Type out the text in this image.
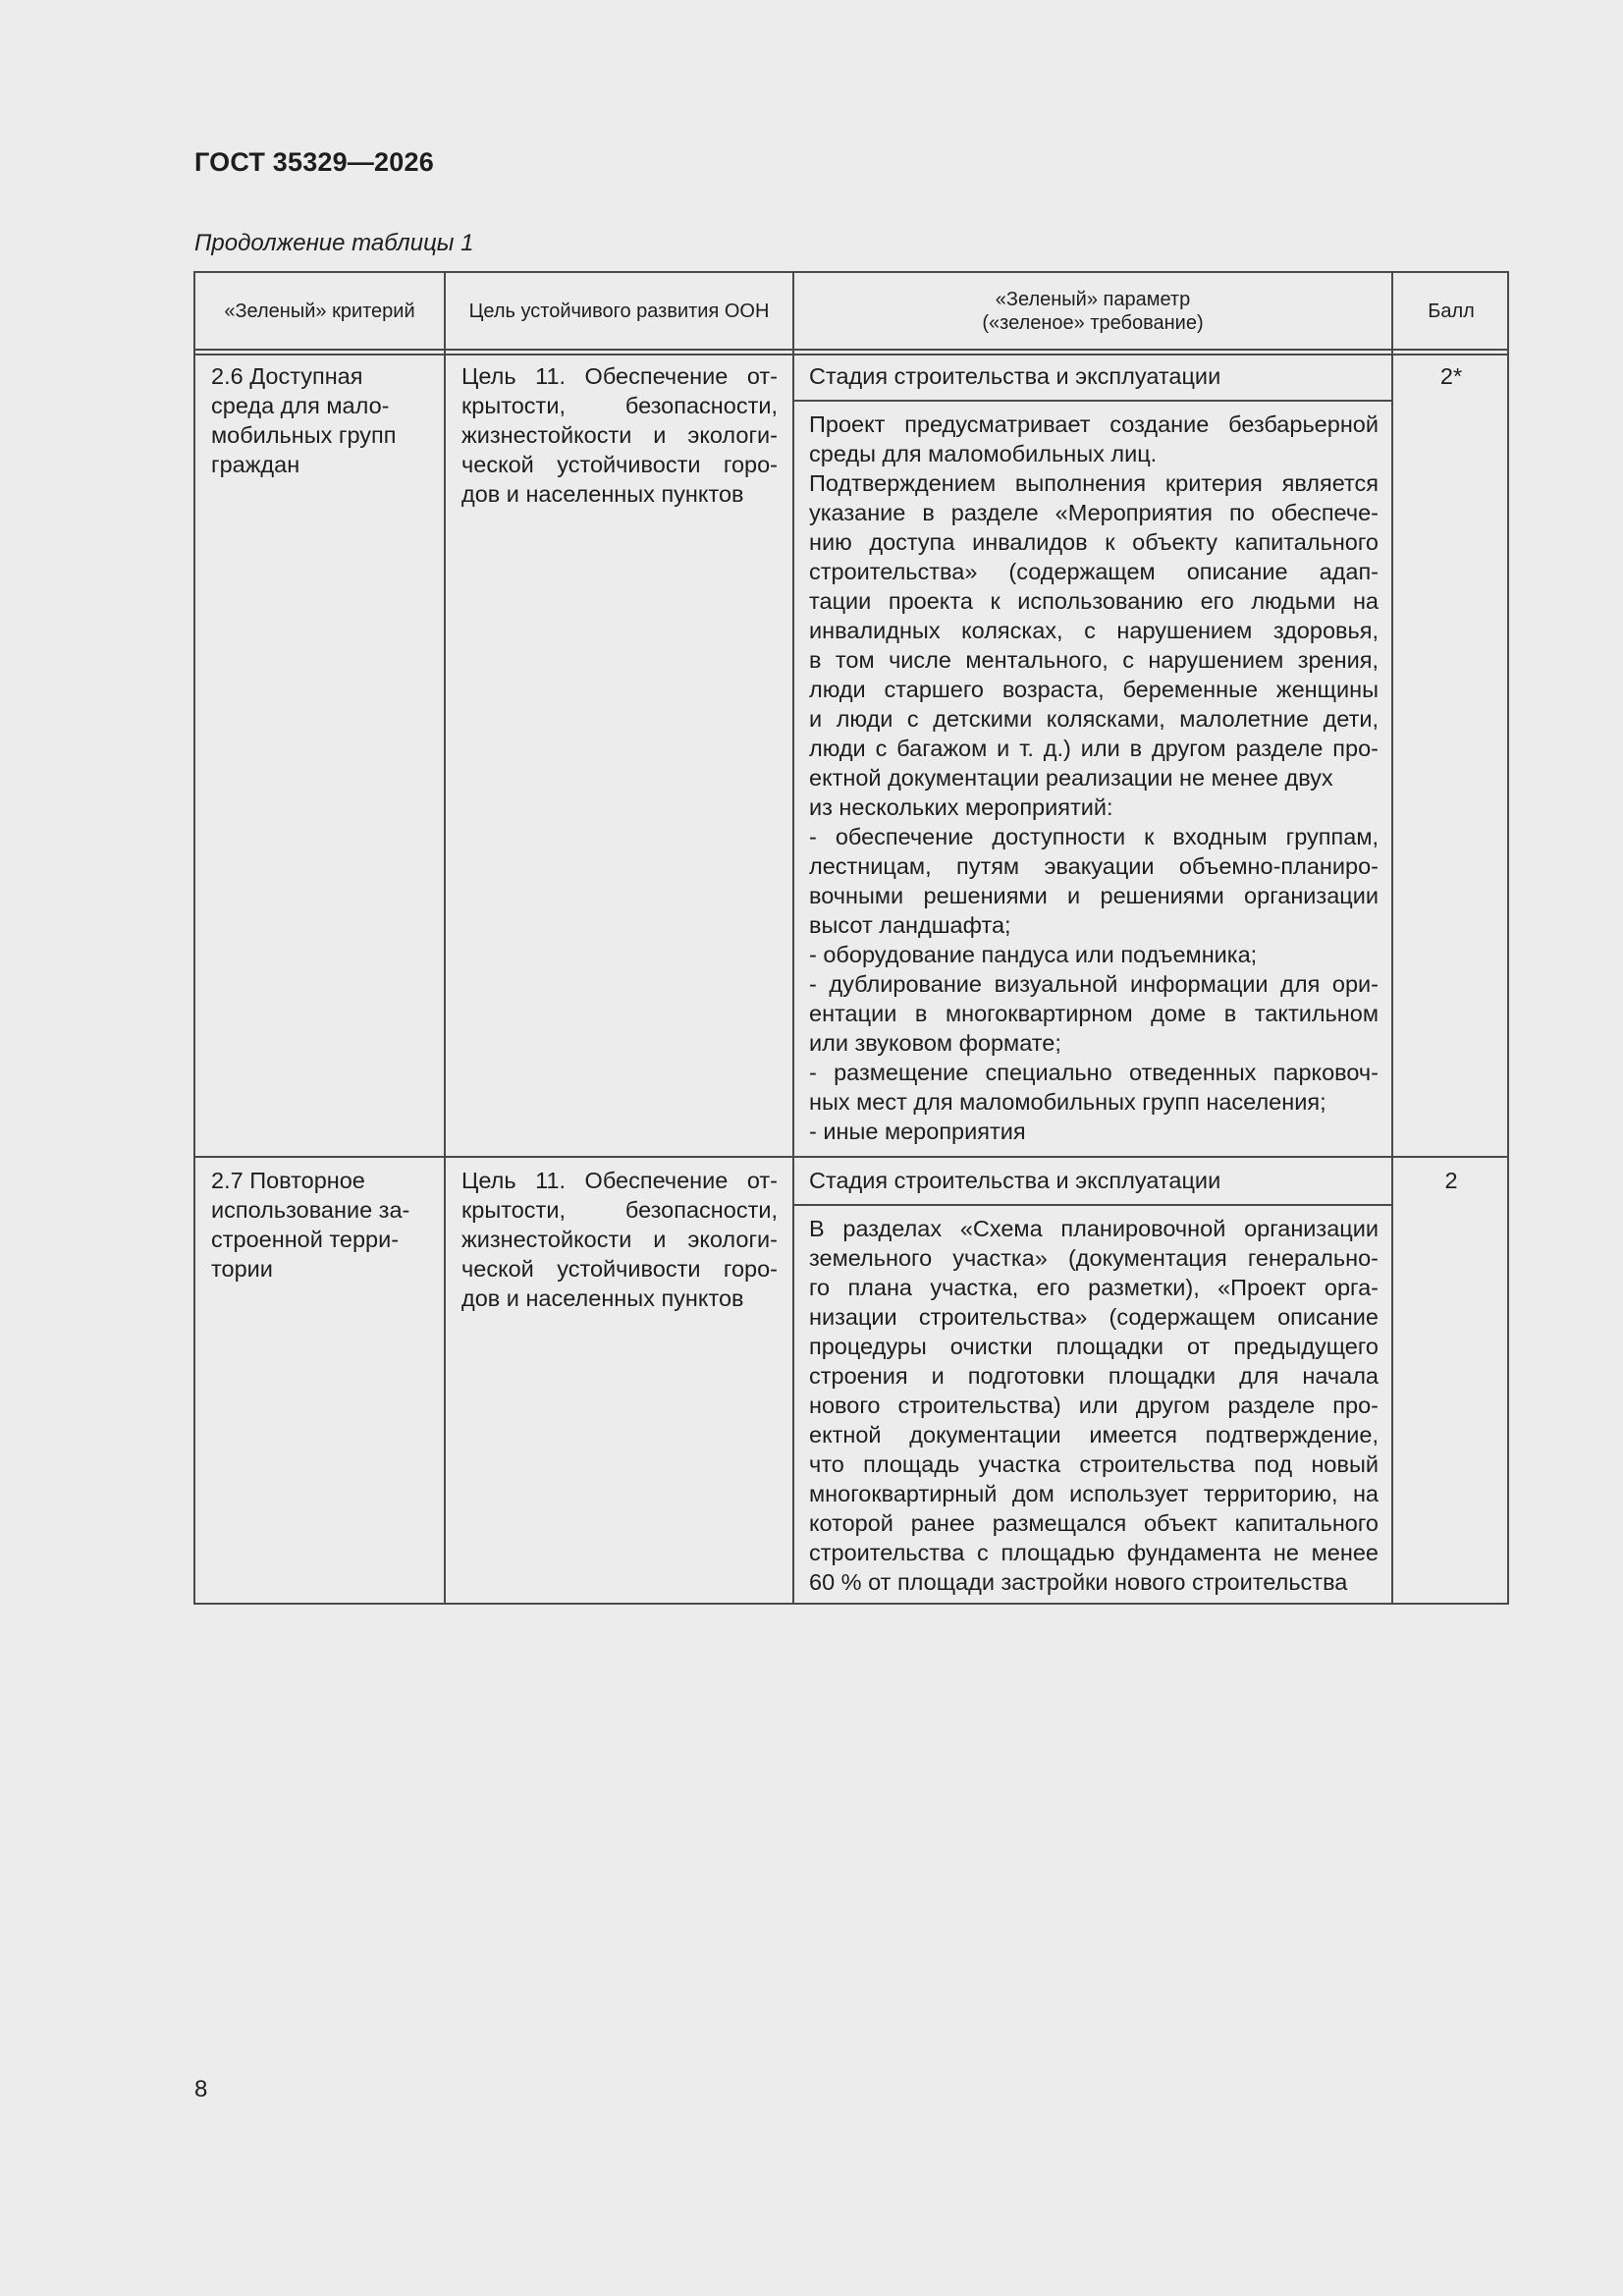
ГОСТ 35329—2026
Продолжение таблицы 1
«Зеленый» критерий	Цель устойчивого развития ООН
«Зеленый» параметр
(«зеленое» требование)
Балл
2.6 Доступная
среда для мало-
мобильных групп
граждан
Цель 11. Обеспечение от-
крытости, безопасности,
жизнестойкости и экологи-
ческой устойчивости горо-
дов и населенных пунктов
Стадия строительства и эксплуатации
Проект предусматривает создание безбарьерной
среды для маломобильных лиц.
Подтверждением выполнения критерия является
указание в разделе «Мероприятия по обеспече-
нию доступа инвалидов к объекту капитального
строительства» (содержащем описание адап-
тации проекта к использованию его людьми на
инвалидных колясках, с нарушением здоровья,
в том числе ментального, с нарушением зрения,
люди старшего возраста, беременные женщины
и люди с детскими колясками, малолетние дети,
люди с багажом и т. д.) или в другом разделе про-
ектной документации реализации не менее двух
из нескольких мероприятий:
- обеспечение доступности к входным группам,
лестницам, путям эвакуации объемно-планиро-
вочными решениями и решениями организации
высот ландшафта;
- оборудование пандуса или подъемника;
- дублирование визуальной информации для ори-
ентации в многоквартирном доме в тактильном
или звуковом формате;
- размещение специально отведенных парковоч-
ных мест для маломобильных групп населения;
- иные мероприятия
2*
2.7 Повторное
использование за-
строенной терри-
тории
Цель 11. Обеспечение от-
крытости, безопасности,
жизнестойкости и экологи-
ческой устойчивости горо-
дов и населенных пунктов
Стадия строительства и эксплуатации
В разделах «Схема планировочной организации
земельного участка» (документация генерально-
го плана участка, его разметки), «Проект орга-
низации строительства» (содержащем описание
процедуры очистки площадки от предыдущего
строения и подготовки площадки для начала
нового строительства) или другом разделе про-
ектной документации имеется подтверждение,
что площадь участка строительства под новый
многоквартирный дом использует территорию, на
которой ранее размещался объект капитального
строительства с площадью фундамента не менее
60 % от площади застройки нового строительства
2
8
